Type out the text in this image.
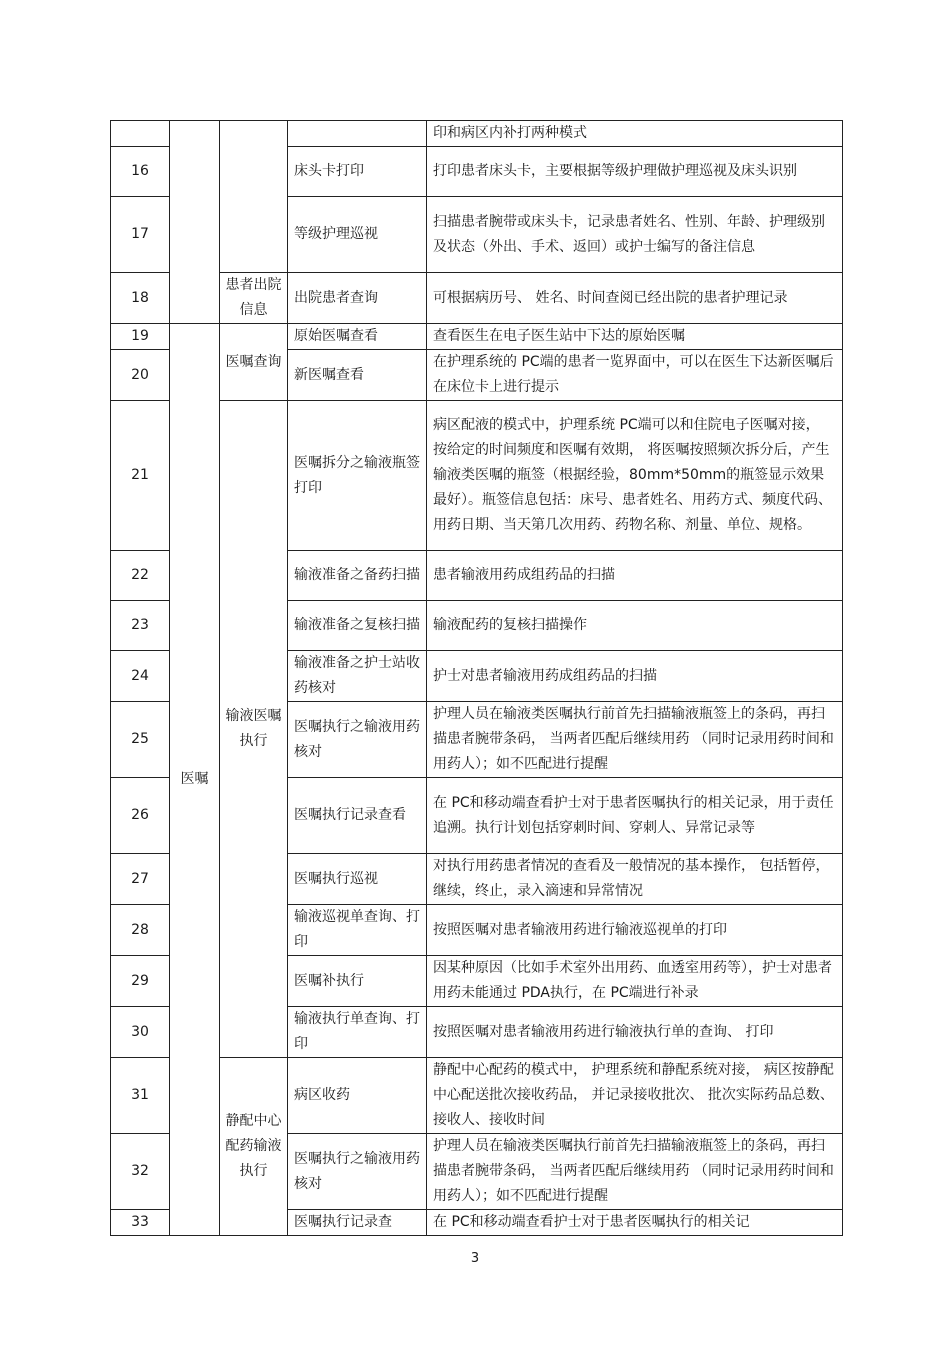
				印和病区内补打两种模式
16			床头卡打印	打印患者床头卡，主要根据等级护理做护理巡视及床头识别
17			等级护理巡视	扫描患者腕带或床头卡，记录患者姓名、性别、年龄、护理级别及状态（外出、手术、返回）或护士编写的备注信息
18		患者出院信息	出院患者查询	可根据病历号、 姓名、时间查阅已经出院的患者护理记录
19	医嘱	医嘱查询	原始医嘱查看	查看医生在电子医生站中下达的原始医嘱
20			新医嘱查看	在护理系统的 PC端的患者一览界面中，可以在医生下达新医嘱后在床位卡上进行提示
21		输液医嘱执行	医嘱拆分之输液瓶签打印	病区配液的模式中，护理系统 PC端可以和住院电子医嘱对接， 按给定的时间频度和医嘱有效期， 将医嘱按照频次拆分后，产生输液类医嘱的瓶签（根据经验，80mm*50mm的瓶签显示效果最好）。瓶签信息包括：床号、患者姓名、用药方式、频度代码、用药日期、当天第几次用药、药物名称、剂量、单位、规格。
22			输液准备之备药扫描	患者输液用药成组药品的扫描
23			输液准备之复核扫描	输液配药的复核扫描操作
24			输液准备之护士站收药核对	护士对患者输液用药成组药品的扫描
25			医嘱执行之输液用药核对	护理人员在输液类医嘱执行前首先扫描输液瓶签上的条码，再扫描患者腕带条码， 当两者匹配后继续用药 （同时记录用药时间和用药人）；如不匹配进行提醒
26			医嘱执行记录查看	在 PC和移动端查看护士对于患者医嘱执行的相关记录，用于责任追溯。执行计划包括穿刺时间、穿刺人、异常记录等
27			医嘱执行巡视	对执行用药患者情况的查看及一般情况的基本操作， 包括暂停，继续，终止，录入滴速和异常情况
28			输液巡视单查询、打印	按照医嘱对患者输液用药进行输液巡视单的打印
29			医嘱补执行	因某种原因（比如手术室外出用药、血透室用药等），护士对患者用药未能通过 PDA执行，在 PC端进行补录
30			输液执行单查询、打印	按照医嘱对患者输液用药进行输液执行单的查询、 打印
31		静配中心配药输液执行	病区收药	静配中心配药的模式中， 护理系统和静配系统对接， 病区按静配中心配送批次接收药品， 并记录接收批次、 批次实际药品总数、接收人、接收时间
32			医嘱执行之输液用药核对	护理人员在输液类医嘱执行前首先扫描输液瓶签上的条码，再扫描患者腕带条码， 当两者匹配后继续用药 （同时记录用药时间和用药人）；如不匹配进行提醒
33			医嘱执行记录查	在 PC和移动端查看护士对于患者医嘱执行的相关记
3
